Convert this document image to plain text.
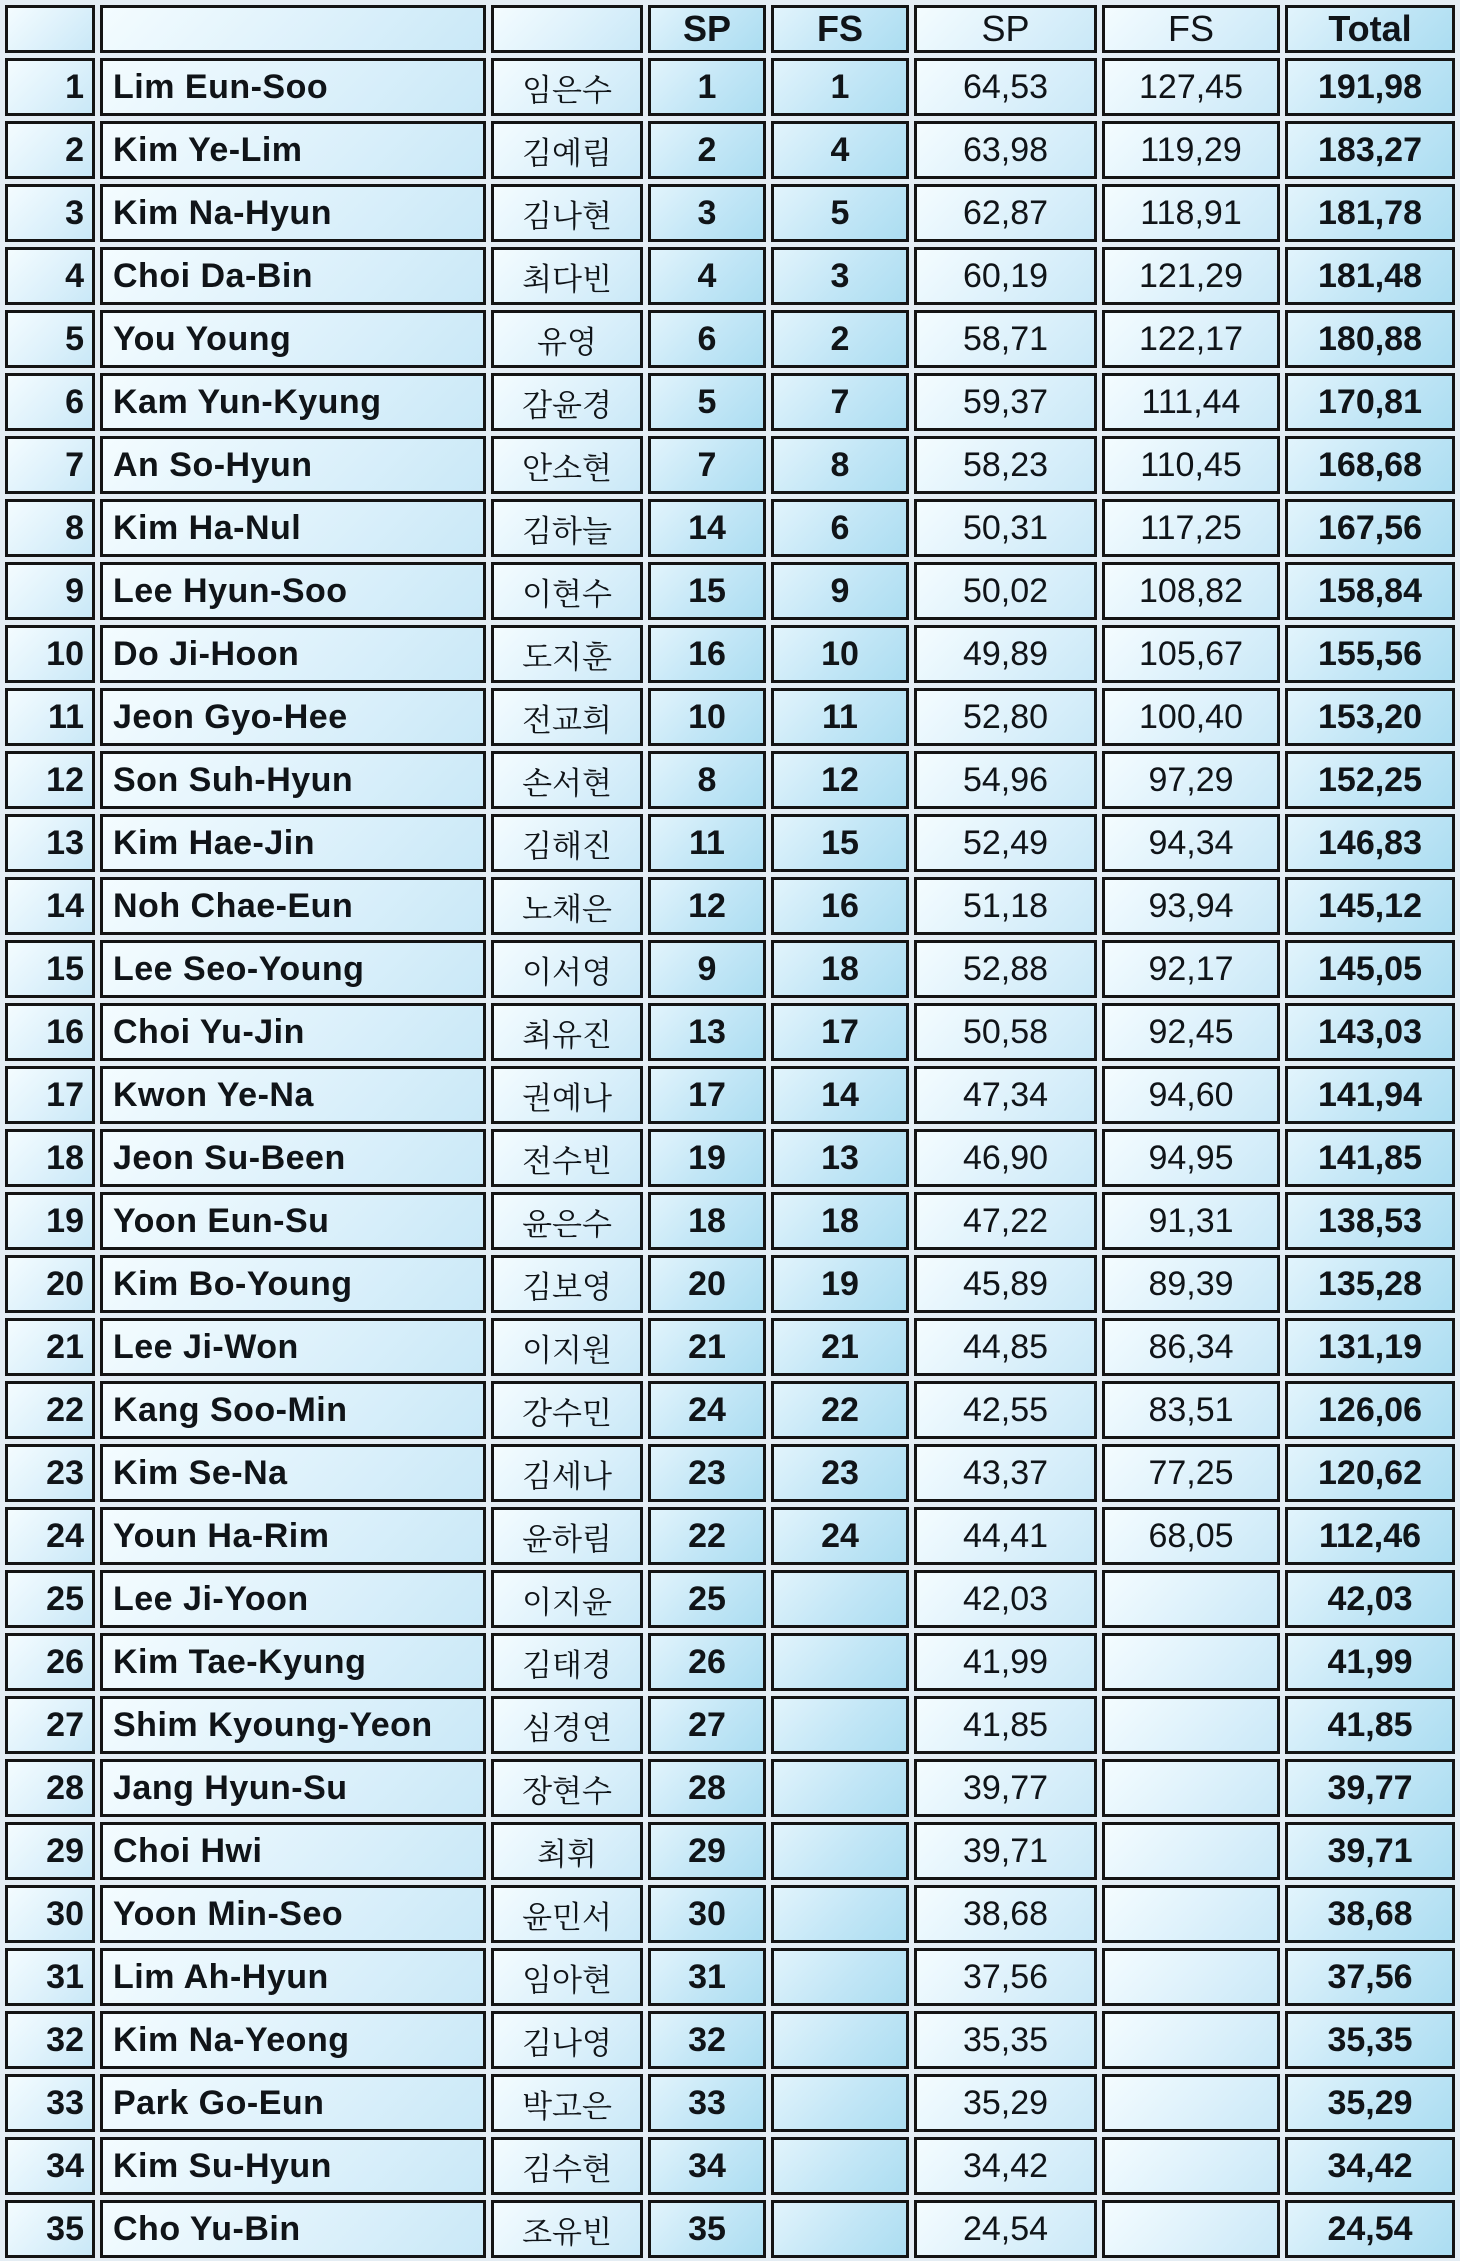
			SP	FS	SP	FS	Total
1	Lim Eun-Soo	임은수	1	1	64,53	127,45	191,98
2	Kim Ye-Lim	김예림	2	4	63,98	119,29	183,27
3	Kim Na-Hyun	김나현	3	5	62,87	118,91	181,78
4	Choi Da-Bin	최다빈	4	3	60,19	121,29	181,48
5	You Young	유영	6	2	58,71	122,17	180,88
6	Kam Yun-Kyung	감윤경	5	7	59,37	111,44	170,81
7	An So-Hyun	안소현	7	8	58,23	110,45	168,68
8	Kim Ha-Nul	김하늘	14	6	50,31	117,25	167,56
9	Lee Hyun-Soo	이현수	15	9	50,02	108,82	158,84
10	Do Ji-Hoon	도지훈	16	10	49,89	105,67	155,56
11	Jeon Gyo-Hee	전교희	10	11	52,80	100,40	153,20
12	Son Suh-Hyun	손서현	8	12	54,96	97,29	152,25
13	Kim Hae-Jin	김해진	11	15	52,49	94,34	146,83
14	Noh Chae-Eun	노채은	12	16	51,18	93,94	145,12
15	Lee Seo-Young	이서영	9	18	52,88	92,17	145,05
16	Choi Yu-Jin	최유진	13	17	50,58	92,45	143,03
17	Kwon Ye-Na	권예나	17	14	47,34	94,60	141,94
18	Jeon Su-Been	전수빈	19	13	46,90	94,95	141,85
19	Yoon Eun-Su	윤은수	18	18	47,22	91,31	138,53
20	Kim Bo-Young	김보영	20	19	45,89	89,39	135,28
21	Lee Ji-Won	이지원	21	21	44,85	86,34	131,19
22	Kang Soo-Min	강수민	24	22	42,55	83,51	126,06
23	Kim Se-Na	김세나	23	23	43,37	77,25	120,62
24	Youn Ha-Rim	윤하림	22	24	44,41	68,05	112,46
25	Lee Ji-Yoon	이지윤	25		42,03		42,03
26	Kim Tae-Kyung	김태경	26		41,99		41,99
27	Shim Kyoung-Yeon	심경연	27		41,85		41,85
28	Jang Hyun-Su	장현수	28		39,77		39,77
29	Choi Hwi	최휘	29		39,71		39,71
30	Yoon Min-Seo	윤민서	30		38,68		38,68
31	Lim Ah-Hyun	임아현	31		37,56		37,56
32	Kim Na-Yeong	김나영	32		35,35		35,35
33	Park Go-Eun	박고은	33		35,29		35,29
34	Kim Su-Hyun	김수현	34		34,42		34,42
35	Cho Yu-Bin	조유빈	35		24,54		24,54
